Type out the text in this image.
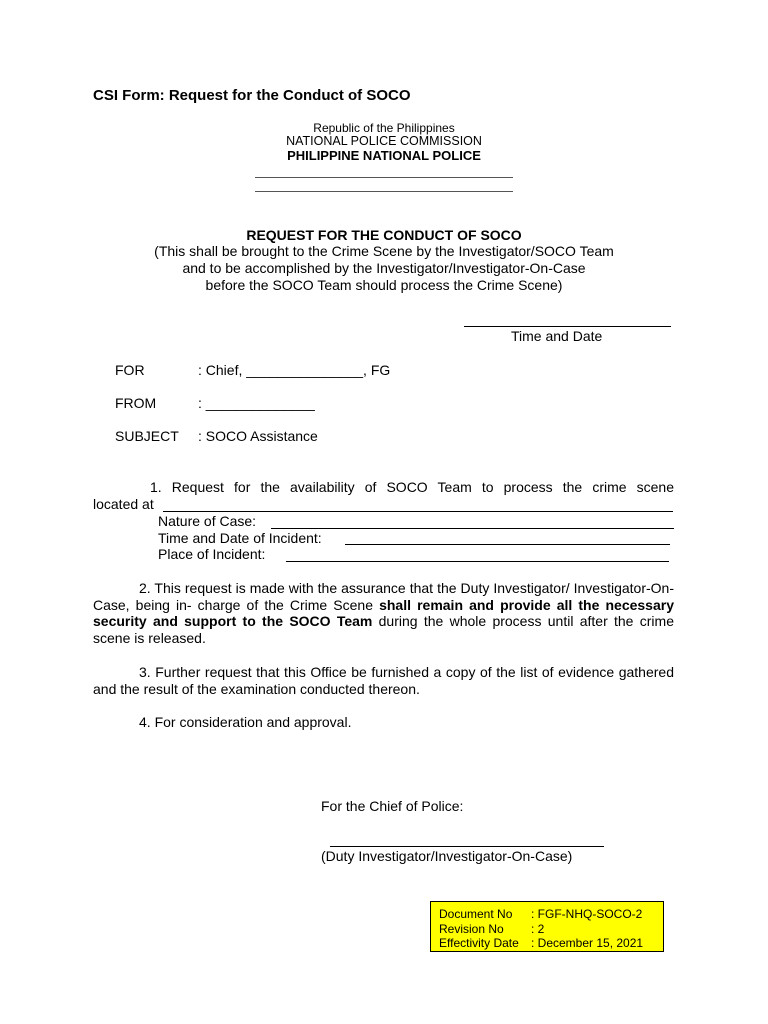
CSI Form: Request for the Conduct of SOCO
Republic of the Philippines
NATIONAL POLICE COMMISSION
PHILIPPINE NATIONAL POLICE
REQUEST FOR THE CONDUCT OF SOCO
(This shall be brought to the Crime Scene by the Investigator/SOCO Team
and to be accomplished by the Investigator/Investigator-On-Case
before the SOCO Team should process the Crime Scene)
Time and Date
FOR	: Chief, _______________, FG
FROM	: ______________
SUBJECT : SOCO Assistance
1. Request for the availability of SOCO Team to process the crime scene
located at
Nature of Case:
Time and Date of Incident:
Place of Incident:
2. This request is made with the assurance that the Duty Investigator/ Investigator-On-Case, being in- charge of the Crime Scene shall remain and provide all the necessary security and support to the SOCO Team during the whole process until after the crime scene is released.
3. Further request that this Office be furnished a copy of the list of evidence gathered and the result of the examination conducted thereon.
4. For consideration and approval.
For the Chief of Police:
(Duty Investigator/Investigator-On-Case)
Document No : FGF-NHQ-SOCO-2
Revision No : 2
Effectivity Date : December 15, 2021
